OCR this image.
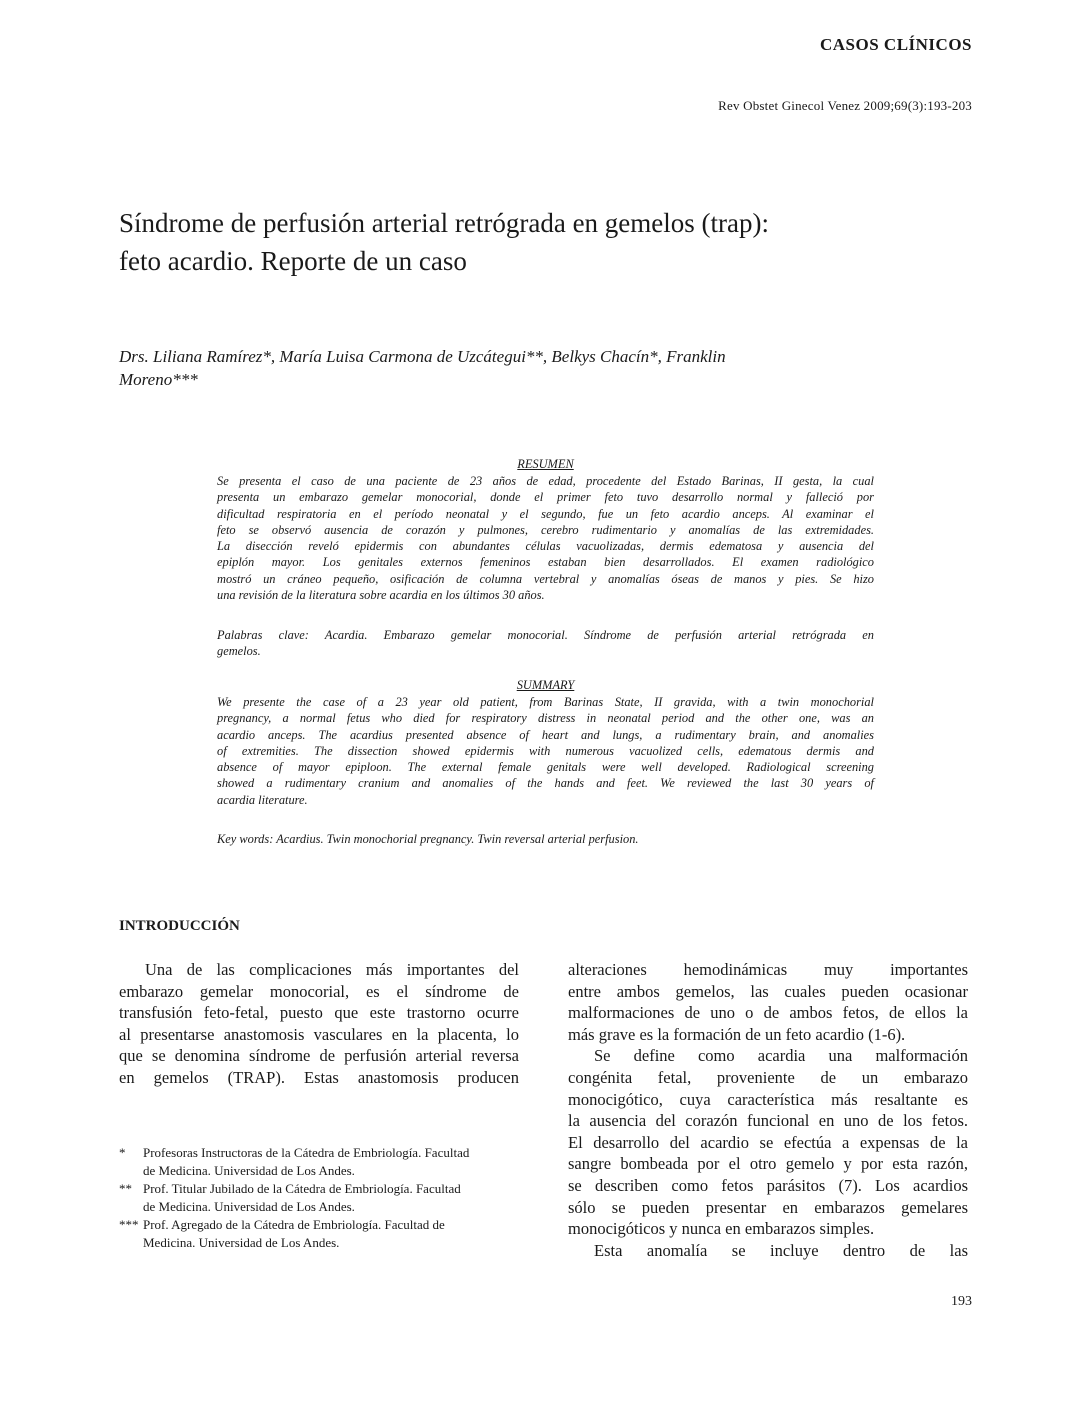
CASOS CLÍNICOS
Rev Obstet Ginecol Venez 2009;69(3):193-203
Síndrome de perfusión arterial retrógrada en gemelos (trap):
feto acardio. Reporte de un caso
Drs. Liliana Ramírez*, María Luisa Carmona de Uzcátegui**, Belkys Chacín*, Franklin
Moreno***
RESUMEN
Se presenta el caso de una paciente de 23 años de edad, procedente del Estado Barinas, II gesta, la cual
presenta un embarazo gemelar monocorial, donde el primer feto tuvo desarrollo normal y falleció por
dificultad respiratoria en el período neonatal y el segundo, fue un feto acardio anceps. Al examinar el
feto se observó ausencia de corazón y pulmones, cerebro rudimentario y anomalías de las extremidades.
La disección reveló epidermis con abundantes células vacuolizadas, dermis edematosa y ausencia del
epiplón mayor. Los genitales externos femeninos estaban bien desarrollados. El examen radiológico
mostró un cráneo pequeño, osificación de columna vertebral y anomalías óseas de manos y pies. Se hizo
una revisión de la literatura sobre acardia en los últimos 30 años.
Palabras clave: Acardia. Embarazo gemelar monocorial. Síndrome de perfusión arterial retrógrada en
gemelos.
SUMMARY
We presente the case of a 23 year old patient, from Barinas State, II gravida, with a twin monochorial
pregnancy, a normal fetus who died for respiratory distress in neonatal period and the other one, was an
acardio anceps. The acardius presented absence of heart and lungs, a rudimentary brain, and anomalies
of extremities. The dissection showed epidermis with numerous vacuolized cells, edematous dermis and
absence of mayor epiploon. The external female genitals were well developed. Radiological screening
showed a rudimentary cranium and anomalies of the hands and feet. We reviewed the last 30 years of
acardia literature.
Key words: Acardius. Twin monochorial pregnancy. Twin reversal arterial perfusion.
INTRODUCCIÓN
Una de las complicaciones más importantes del
embarazo gemelar monocorial, es el síndrome de
transfusión feto-fetal, puesto que este trastorno ocurre
al presentarse anastomosis vasculares en la placenta, lo
que se denomina síndrome de perfusión arterial reversa
en gemelos (TRAP). Estas anastomosis producen
alteraciones hemodinámicas muy importantes
entre ambos gemelos, las cuales pueden ocasionar
malformaciones de uno o de ambos fetos, de ellos la
más grave es la formación de un feto acardio (1-6).
Se define como acardia una malformación
congénita fetal, proveniente de un embarazo
monocigótico, cuya característica más resaltante es
la ausencia del corazón funcional en uno de los fetos.
El desarrollo del acardio se efectúa a expensas de la
sangre bombeada por el otro gemelo y por esta razón,
se describen como fetos parásitos (7). Los acardios
sólo se pueden presentar en embarazos gemelares
monocigóticos y nunca en embarazos simples.
Esta anomalía se incluye dentro de las
*	Profesoras Instructoras de la Cátedra de Embriología. Facultad
de Medicina. Universidad de Los Andes.
** Prof. Titular Jubilado de la Cátedra de Embriología. Facultad
de Medicina. Universidad de Los Andes.
*** Prof. Agregado de la Cátedra de Embriología. Facultad de
Medicina. Universidad de Los Andes.
193
